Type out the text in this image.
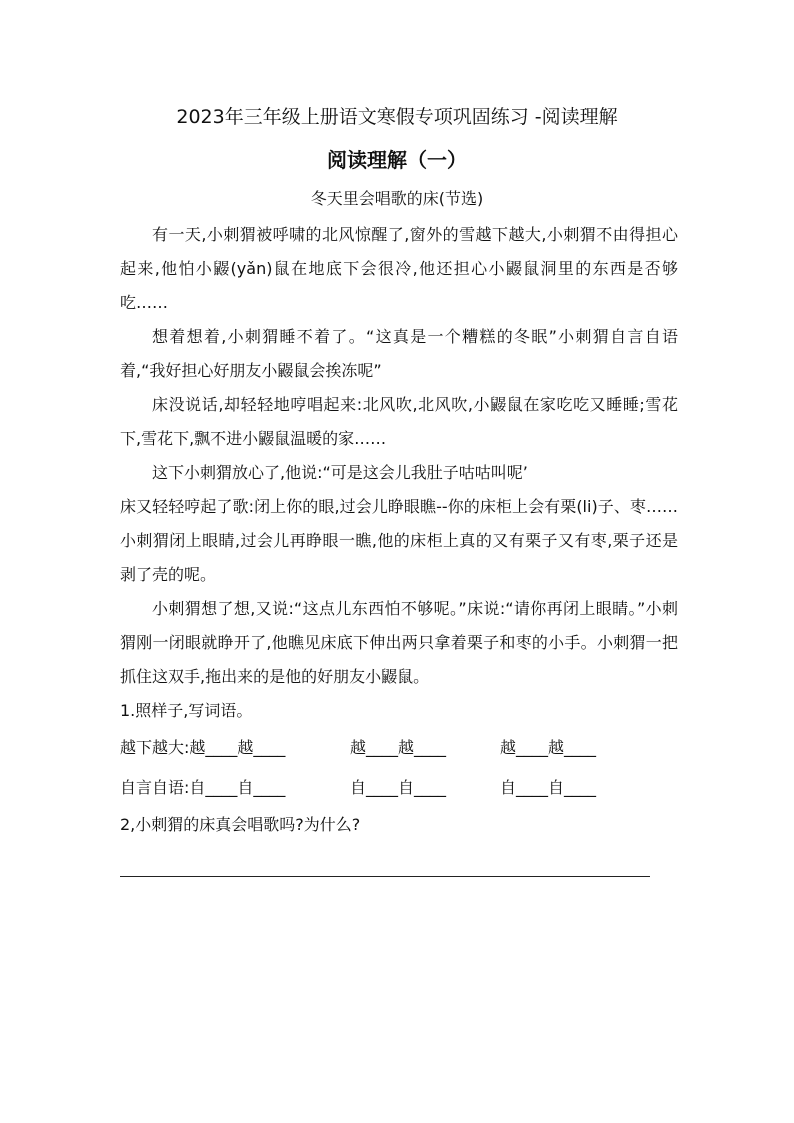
2023年三年级上册语文寒假专项巩固练习 -阅读理解
阅读理解（一）
冬天里会唱歌的床(节选)

有一天,小刺猬被呼啸的北风惊醒了,窗外的雪越下越大,小刺猬不由得担心起来,他怕小鼹(yǎn)鼠在地底下会很冷,他还担心小鼹鼠洞里的东西是否够吃……

想着想着,小刺猬睡不着了。“这真是一个糟糕的冬眠”小刺猬自言自语着,“我好担心好朋友小鼹鼠会挨冻呢”

床没说话,却轻轻地哼唱起来:北风吹,北风吹,小鼹鼠在家吃吃又睡睡;雪花下,雪花下,飘不进小鼹鼠温暖的家……

这下小刺猬放心了,他说:“可是这会儿我肚子咕咕叫呢’

床又轻轻哼起了歌:闭上你的眼,过会儿睁眼瞧--你的床柜上会有栗(li)子、枣……小刺猬闭上眼睛,过会儿再睁眼一瞧,他的床柜上真的又有栗子又有枣,栗子还是剥了壳的呢。

小刺猬想了想,又说:“这点儿东西怕不够呢。”床说:“请你再闭上眼睛。”小刺猬刚一闭眼就睁开了,他瞧见床底下伸出两只拿着栗子和枣的小手。小刺猬一把抓住这双手,拖出来的是他的好朋友小鼹鼠。

1.照样子,写词语。

越下越大:越____越____	越____越____	越____越____
自言自语:自____自____	自____自____	自____自____

2,小刺猬的床真会唱歌吗?为什么?
